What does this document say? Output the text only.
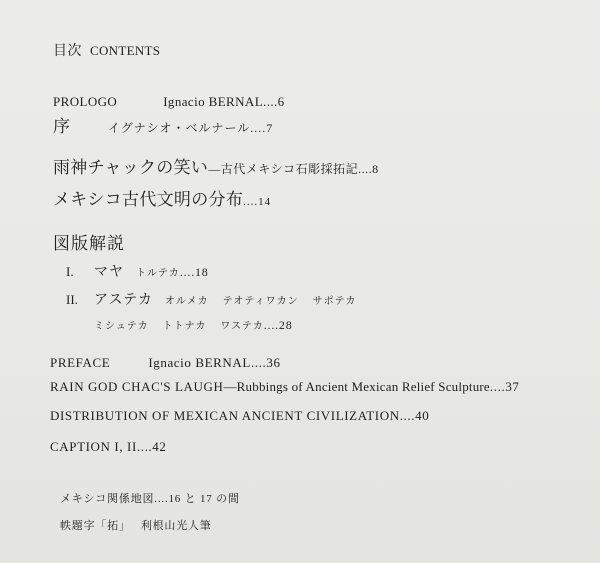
目次 CONTENTS
PROLOGO	Ignacio BERNAL....6
序	イグナシオ・ベルナール....7
雨神チャックの笑い—古代メキシコ石彫採拓記....8
メキシコ古代文明の分布....14
図版解説
I. マヤ トルテカ....18
II. アステカ オルメカ テオティワカン サポテカ
ミシュテカ トトナカ ワステカ....28
PREFACE	Ignacio BERNAL....36
RAIN GOD CHAC'S LAUGH—Rubbings of Ancient Mexican Relief Sculpture....37
DISTRIBUTION OF MEXICAN ANCIENT CIVILIZATION....40
CAPTION I, II....42
メキシコ関係地図....16 と 17 の間
帙題字「拓」 利根山光人筆
